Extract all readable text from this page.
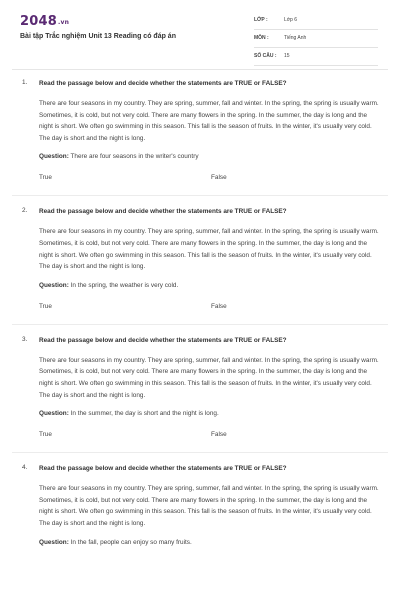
2048.vn
Bài tập Trắc nghiệm Unit 13 Reading có đáp án
LỚP :	Lớp 6
MÔN :	Tiếng Anh
SỐ CÂU : 15
1. Read the passage below and decide whether the statements are TRUE or FALSE?
There are four seasons in my country. They are spring, summer, fall and winter. In the spring, the spring is usually warm. Sometimes, it is cold, but not very cold. There are many flowers in the spring. In the summer, the day is long and the night is short. We often go swimming in this season. This fall is the season of fruits. In the winter, it's usually very cold. The day is short and the night is long.
Question: There are four seasons in the writer's country
True	False
2. Read the passage below and decide whether the statements are TRUE or FALSE?
There are four seasons in my country. They are spring, summer, fall and winter. In the spring, the spring is usually warm. Sometimes, it is cold, but not very cold. There are many flowers in the spring. In the summer, the day is long and the night is short. We often go swimming in this season. This fall is the season of fruits. In the winter, it's usually very cold. The day is short and the night is long.
Question: In the spring, the weather is very cold.
True	False
3. Read the passage below and decide whether the statements are TRUE or FALSE?
There are four seasons in my country. They are spring, summer, fall and winter. In the spring, the spring is usually warm. Sometimes, it is cold, but not very cold. There are many flowers in the spring. In the summer, the day is long and the night is short. We often go swimming in this season. This fall is the season of fruits. In the winter, it's usually very cold. The day is short and the night is long.
Question: In the summer, the day is short and the night is long.
True	False
4. Read the passage below and decide whether the statements are TRUE or FALSE?
There are four seasons in my country. They are spring, summer, fall and winter. In the spring, the spring is usually warm. Sometimes, it is cold, but not very cold. There are many flowers in the spring. In the summer, the day is long and the night is short. We often go swimming in this season. This fall is the season of fruits. In the winter, it's usually very cold. The day is short and the night is long.
Question: In the fall, people can enjoy so many fruits.
